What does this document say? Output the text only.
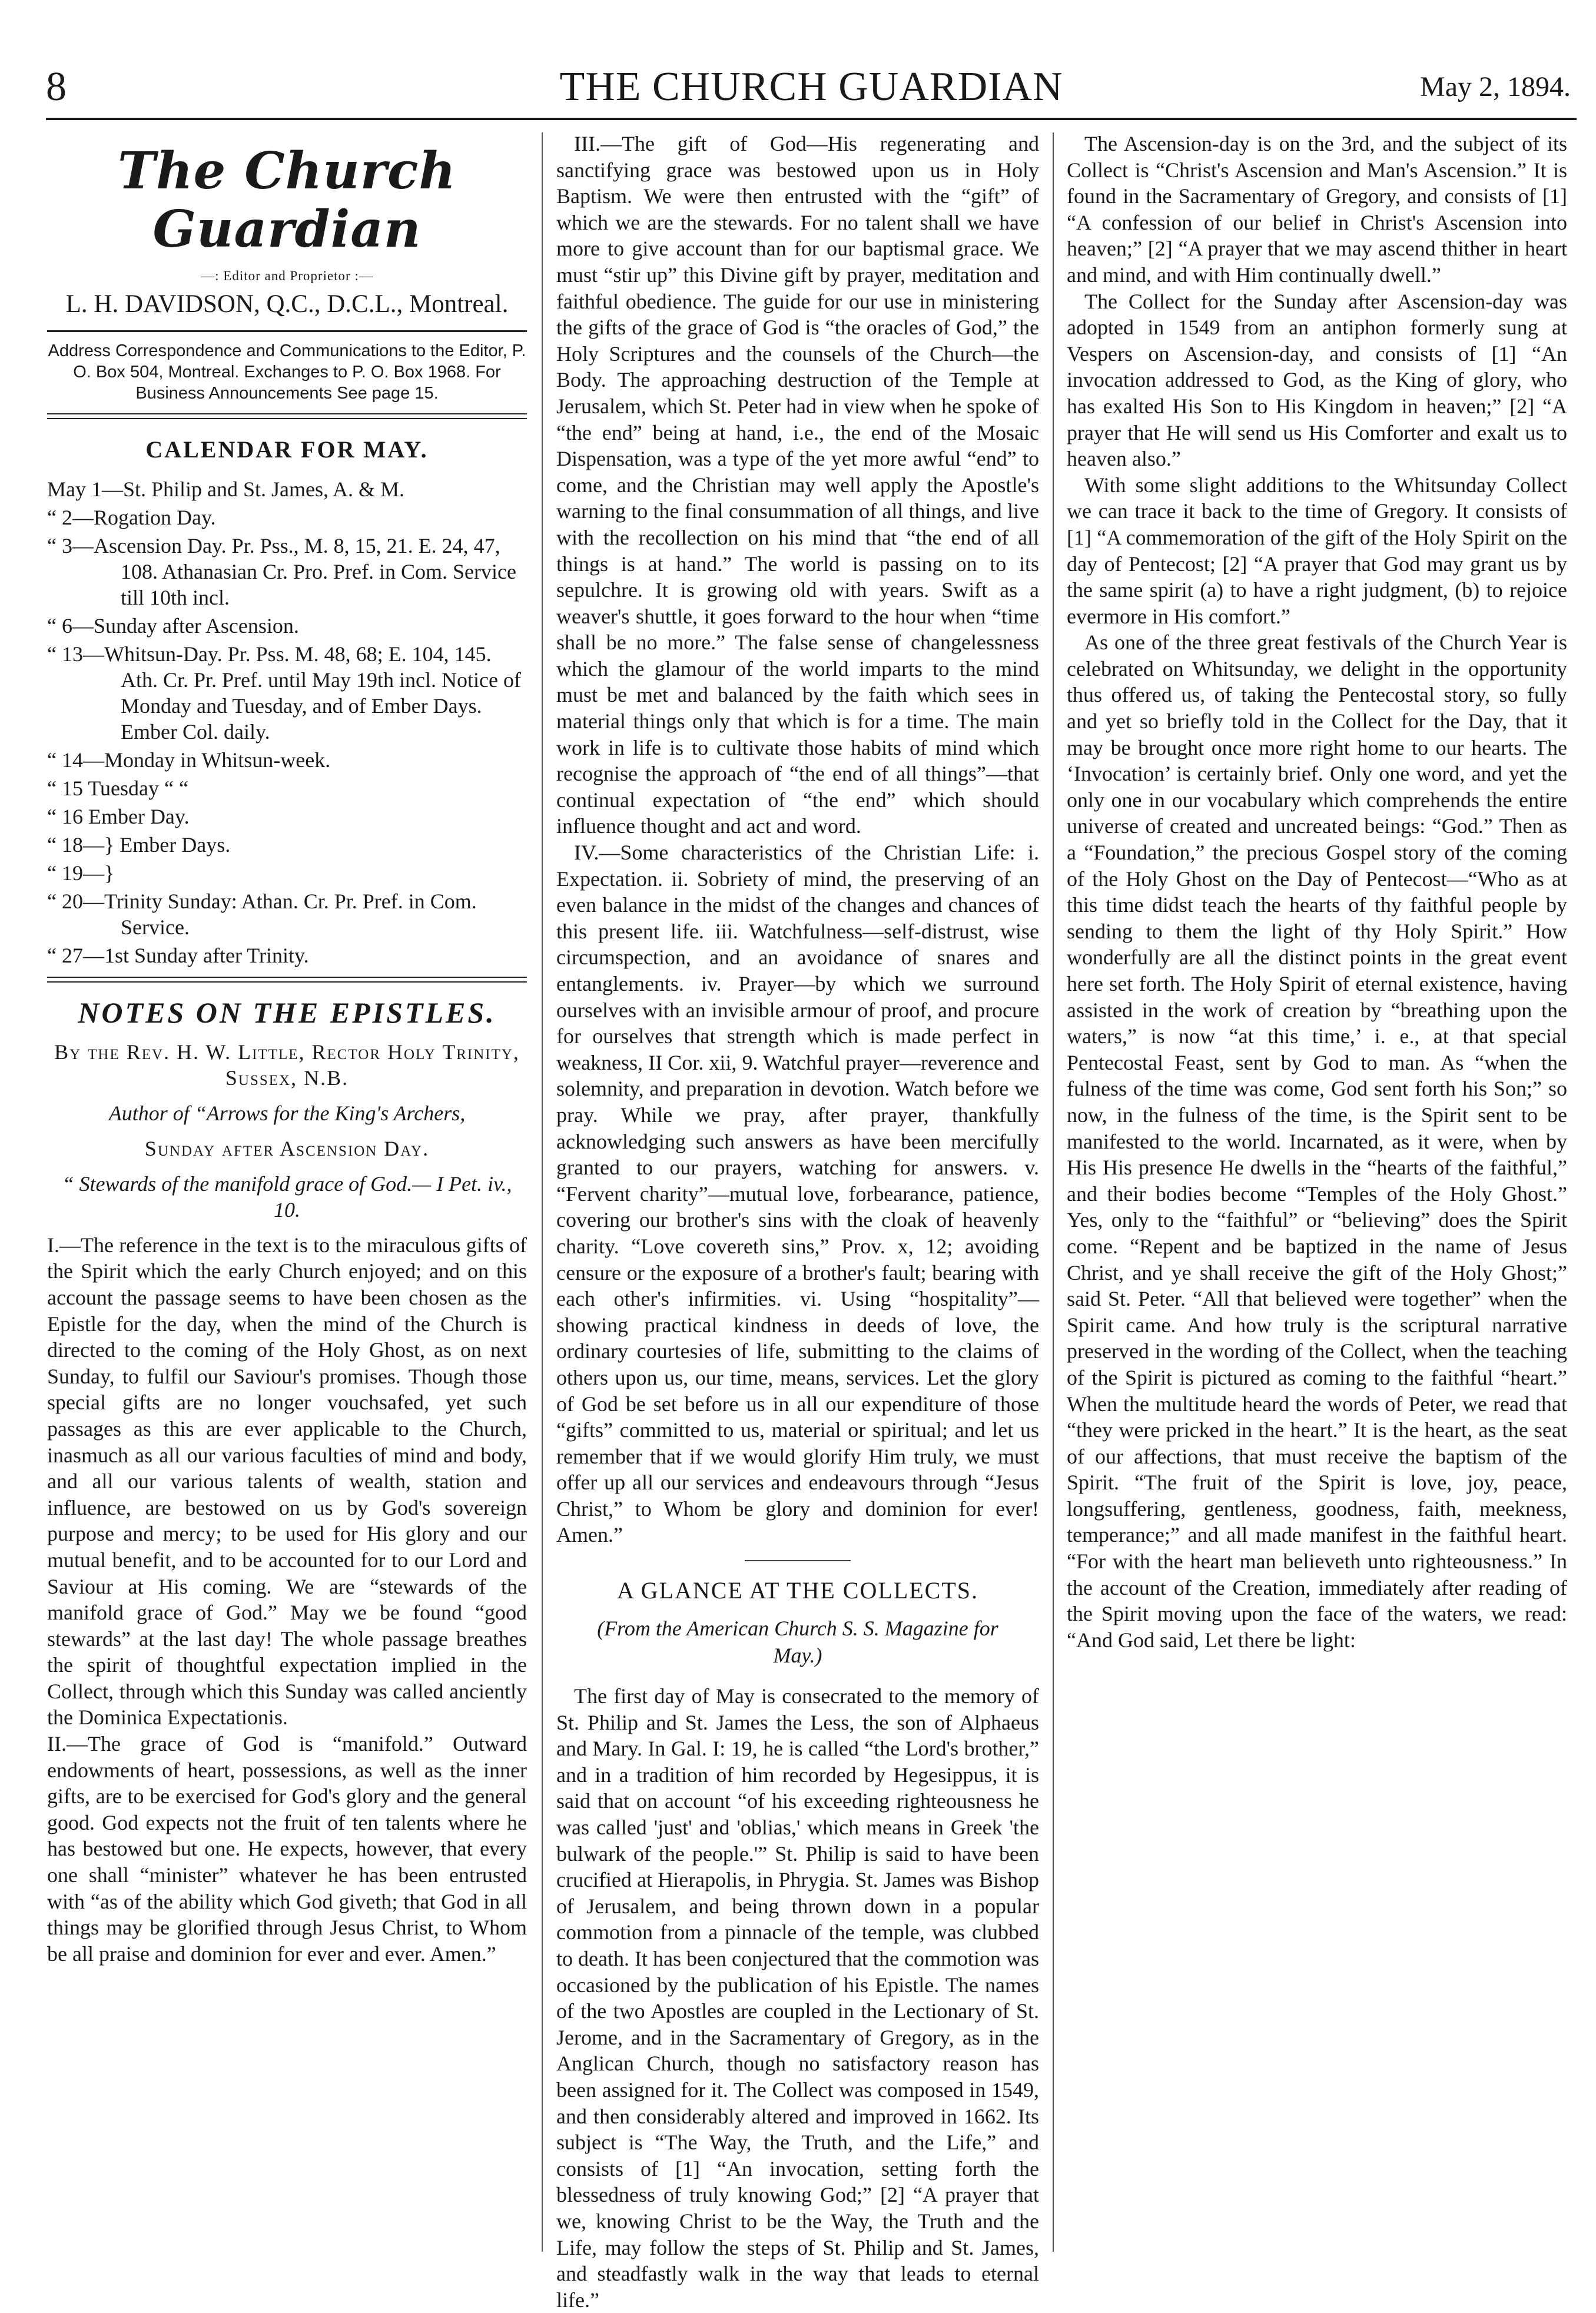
8	THE CHURCH GUARDIAN	May 2, 1894.
The Church Guardian
—: Editor and Proprietor :—
L. H. DAVIDSON, Q.C., D.C.L., Montreal.
Address Correspondence and Communications to the Editor, P. O. Box 504, Montreal. Exchanges to P. O. Box 1968. For Business Announcements See page 15.
CALENDAR FOR MAY.
May 1—St. Philip and St. James, A. & M.
“ 2—Rogation Day.
“ 3—Ascension Day. Pr. Pss., M. 8, 15, 21. E. 24, 47, 108. Athanasian Cr. Pro. Pref. in Com. Service till 10th incl.
“ 6—Sunday after Ascension.
“ 13—Whitsun-Day. Pr. Pss. M. 48, 68; E. 104, 145. Ath. Cr. Pr. Pref. until May 19th incl. Notice of Monday and Tuesday, and of Ember Days. Ember Col. daily.
“ 14—Monday in Whitsun-week.
“ 15 Tuesday “ “
“ 16 Ember Day.
“ 18—} Ember Days.
“ 19—}
“ 20—Trinity Sunday: Athan. Cr. Pr. Pref. in Com. Service.
“ 27—1st Sunday after Trinity.
NOTES ON THE EPISTLES.
By the Rev. H. W. Little, Rector Holy Trinity, Sussex, N.B.
Author of “Arrows for the King's Archers,
Sunday after Ascension Day.
“ Stewards of the manifold grace of God.— I Pet. iv., 10.

I.—The reference in the text is to the miraculous gifts of the Spirit which the early Church enjoyed; and on this account the passage seems to have been chosen as the Epistle for the day, when the mind of the Church is directed to the coming of the Holy Ghost, as on next Sunday, to fulfil our Saviour's promises. Though those special gifts are no longer vouchsafed, yet such passages as this are ever applicable to the Church, inasmuch as all our various faculties of mind and body, and all our various talents of wealth, station and influence, are bestowed on us by God's sovereign purpose and mercy; to be used for His glory and our mutual benefit, and to be accounted for to our Lord and Saviour at His coming. We are “stewards of the manifold grace of God.” May we be found “good stewards” at the last day! The whole passage breathes the spirit of thoughtful expectation implied in the Collect, through which this Sunday was called anciently the Dominica Expectationis.

II.—The grace of God is “manifold.” Outward endowments of heart, possessions, as well as the inner gifts, are to be exercised for God's glory and the general good. God expects not the fruit of ten talents where he has bestowed but one. He expects, however, that every one shall “minister” whatever he has been entrusted with “as of the ability which God giveth; that God in all things may be glorified through Jesus Christ, to Whom be all praise and dominion for ever and ever. Amen.”

III.—The gift of God—His regenerating and sanctifying grace was bestowed upon us in Holy Baptism. We were then entrusted with the “gift” of which we are the stewards. For no talent shall we have more to give account than for our baptismal grace. We must “stir up” this Divine gift by prayer, meditation and faithful obedience. The guide for our use in ministering the gifts of the grace of God is “the oracles of God,” the Holy Scriptures and the counsels of the Church—the Body. The approaching destruction of the Temple at Jerusalem, which St. Peter had in view when he spoke of “the end” being at hand, i.e., the end of the Mosaic Dispensation, was a type of the yet more awful “end” to come, and the Christian may well apply the Apostle's warning to the final consummation of all things, and live with the recollection on his mind that “the end of all things is at hand.” The world is passing on to its sepulchre. It is growing old with years. Swift as a weaver's shuttle, it goes forward to the hour when “time shall be no more.” The false sense of changelessness which the glamour of the world imparts to the mind must be met and balanced by the faith which sees in material things only that which is for a time. The main work in life is to cultivate those habits of mind which recognise the approach of “the end of all things”—that continual expectation of “the end” which should influence thought and act and word.

IV.—Some characteristics of the Christian Life: i. Expectation. ii. Sobriety of mind, the preserving of an even balance in the midst of the changes and chances of this present life. iii. Watchfulness—self-distrust, wise circumspection, and an avoidance of snares and entanglements. iv. Prayer—by which we surround ourselves with an invisible armour of proof, and procure for ourselves that strength which is made perfect in weakness, II Cor. xii, 9. Watchful prayer—reverence and solemnity, and preparation in devotion. Watch before we pray. While we pray, after prayer, thankfully acknowledging such answers as have been mercifully granted to our prayers, watching for answers. v. “Fervent charity”—mutual love, forbearance, patience, covering our brother's sins with the cloak of heavenly charity. “Love covereth sins,” Prov. x, 12; avoiding censure or the exposure of a brother's fault; bearing with each other's infirmities. vi. Using “hospitality”—showing practical kindness in deeds of love, the ordinary courtesies of life, submitting to the claims of others upon us, our time, means, services. Let the glory of God be set before us in all our expenditure of those “gifts” committed to us, material or spiritual; and let us remember that if we would glorify Him truly, we must offer up all our services and endeavours through “Jesus Christ,” to Whom be glory and dominion for ever! Amen.”

A GLANCE AT THE COLLECTS.
(From the American Church S. S. Magazine for May.)

The first day of May is consecrated to the memory of St. Philip and St. James the Less, the son of Alphaeus and Mary. In Gal. I: 19, he is called “the Lord's brother,” and in a tradition of him recorded by Hegesippus, it is said that on account “of his exceeding righteousness he was called 'just' and 'oblias,' which means in Greek 'the bulwark of the people.'” St. Philip is said to have been crucified at Hierapolis, in Phrygia. St. James was Bishop of Jerusalem, and being thrown down in a popular commotion from a pinnacle of the temple, was clubbed to death. It has been conjectured that the commotion was occasioned by the publication of his Epistle. The names of the two Apostles are coupled in the Lectionary of St. Jerome, and in the Sacramentary of Gregory, as in the Anglican Church, though no satisfactory reason has been assigned for it. The Collect was composed in 1549, and then considerably altered and improved in 1662. Its subject is “The Way, the Truth, and the Life,” and consists of [1] “An invocation, setting forth the blessedness of truly knowing God;” [2] “A prayer that we, knowing Christ to be the Way, the Truth and the Life, may follow the steps of St. Philip and St. James, and steadfastly walk in the way that leads to eternal life.”

The Ascension-day is on the 3rd, and the subject of its Collect is “Christ's Ascension and Man's Ascension.” It is found in the Sacramentary of Gregory, and consists of [1] “A confession of our belief in Christ's Ascension into heaven;” [2] “A prayer that we may ascend thither in heart and mind, and with Him continually dwell.”

The Collect for the Sunday after Ascension-day was adopted in 1549 from an antiphon formerly sung at Vespers on Ascension-day, and consists of [1] “An invocation addressed to God, as the King of glory, who has exalted His Son to His Kingdom in heaven;” [2] “A prayer that He will send us His Comforter and exalt us to heaven also.”

With some slight additions to the Whitsunday Collect we can trace it back to the time of Gregory. It consists of [1] “A commemoration of the gift of the Holy Spirit on the day of Pentecost; [2] “A prayer that God may grant us by the same spirit (a) to have a right judgment, (b) to rejoice evermore in His comfort.”

As one of the three great festivals of the Church Year is celebrated on Whitsunday, we delight in the opportunity thus offered us, of taking the Pentecostal story, so fully and yet so briefly told in the Collect for the Day, that it may be brought once more right home to our hearts. The ‘Invocation’ is certainly brief. Only one word, and yet the only one in our vocabulary which comprehends the entire universe of created and uncreated beings: “God.” Then as a “Foundation,” the precious Gospel story of the coming of the Holy Ghost on the Day of Pentecost—“Who as at this time didst teach the hearts of thy faithful people by sending to them the light of thy Holy Spirit.” How wonderfully are all the distinct points in the great event here set forth. The Holy Spirit of eternal existence, having assisted in the work of creation by “breathing upon the waters,” is now “at this time,’ i. e., at that special Pentecostal Feast, sent by God to man. As “when the fulness of the time was come, God sent forth his Son;” so now, in the fulness of the time, is the Spirit sent to be manifested to the world. Incarnated, as it were, when by His His presence He dwells in the “hearts of the faithful,” and their bodies become “Temples of the Holy Ghost.” Yes, only to the “faithful” or “believing” does the Spirit come. “Repent and be baptized in the name of Jesus Christ, and ye shall receive the gift of the Holy Ghost;” said St. Peter. “All that believed were together” when the Spirit came. And how truly is the scriptural narrative preserved in the wording of the Collect, when the teaching of the Spirit is pictured as coming to the faithful “heart.” When the multitude heard the words of Peter, we read that “they were pricked in the heart.” It is the heart, as the seat of our affections, that must receive the baptism of the Spirit. “The fruit of the Spirit is love, joy, peace, longsuffering, gentleness, goodness, faith, meekness, temperance;” and all made manifest in the faithful heart. “For with the heart man believeth unto righteousness.” In the account of the Creation, immediately after reading of the Spirit moving upon the face of the waters, we read: “And God said, Let there be light:
